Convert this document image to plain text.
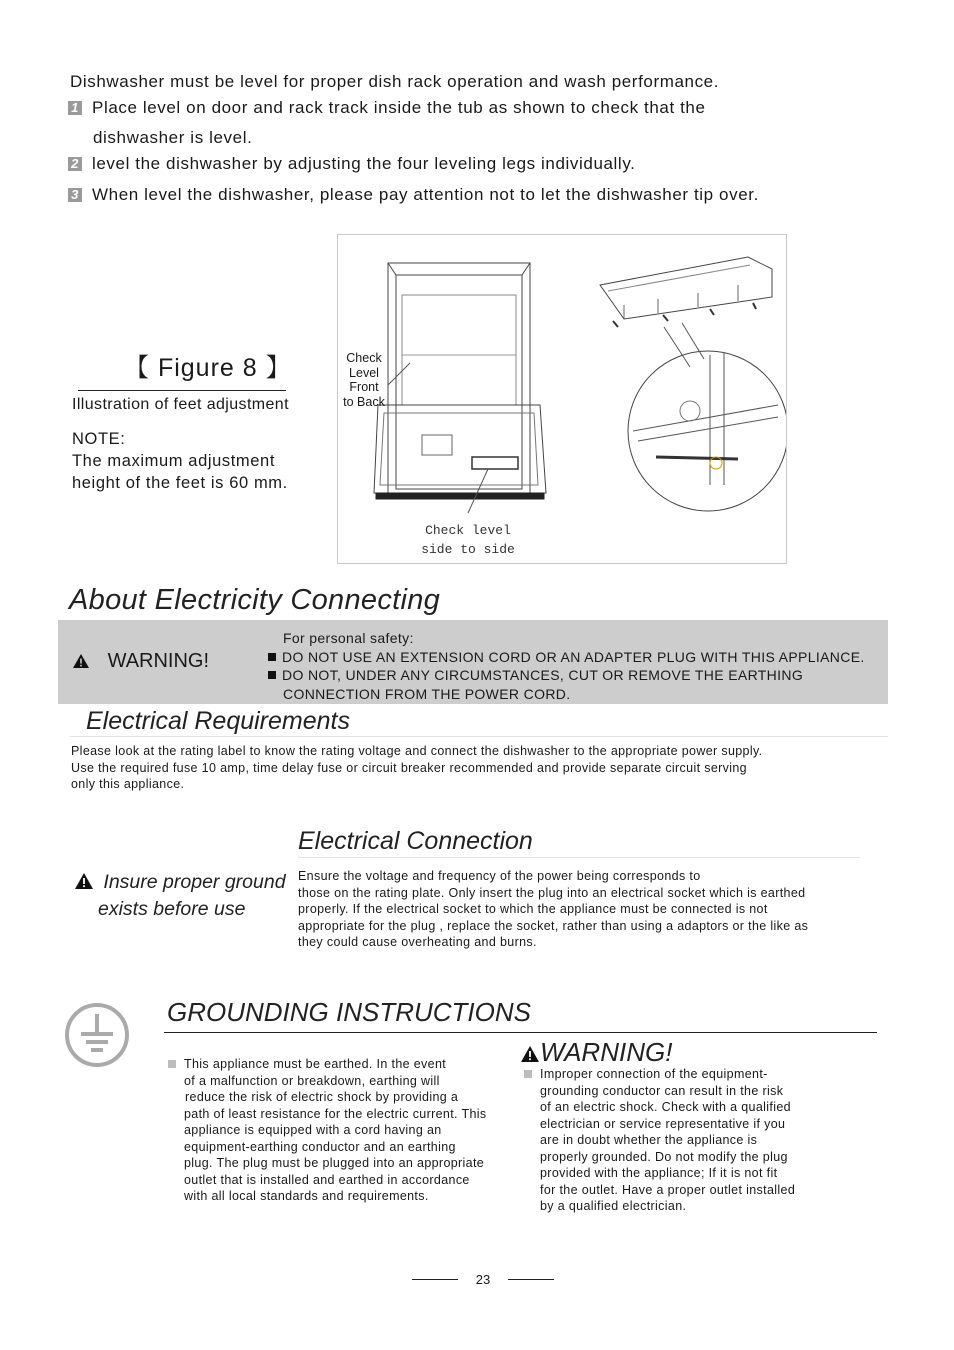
Dishwasher must be level for proper dish rack operation and wash performance.
1 Place level on door and rack track inside the tub as shown to check that the
dishwasher is level.
2 level the dishwasher by adjusting the four leveling legs individually.
3 When level the dishwasher, please pay attention not to let the dishwasher tip over.
【 Figure 8 】
Illustration of feet adjustment
NOTE:
The maximum adjustment
height of the feet is 60 mm.
Check
Level
Front
to Back
Check level
side to side
About Electricity Connecting
WARNING!
For personal safety:
DO NOT USE AN EXTENSION CORD OR AN ADAPTER PLUG WITH THIS APPLIANCE.
DO NOT, UNDER ANY CIRCUMSTANCES, CUT OR REMOVE THE EARTHING
CONNECTION FROM THE POWER CORD.
Electrical Requirements
Please look at the rating label to know the rating voltage and connect the dishwasher to the appropriate power supply.
Use the required fuse 10 amp, time delay fuse or circuit breaker recommended and provide separate circuit serving
only this appliance.
Electrical Connection
Insure proper ground
exists before use
Ensure the voltage and frequency of the power being corresponds to
those on the rating plate. Only insert the plug into an electrical socket which is earthed
properly. If the electrical socket to which the appliance must be connected is not
appropriate for the plug , replace the socket, rather than using a adaptors or the like as
they could cause overheating and burns.
GROUNDING INSTRUCTIONS
This appliance must be earthed. In the event
of a malfunction or breakdown, earthing will
reduce the risk of electric shock by providing a
path of least resistance for the electric current. This
appliance is equipped with a cord having an
equipment-earthing conductor and an earthing
plug. The plug must be plugged into an appropriate
outlet that is installed and earthed in accordance
with all local standards and requirements.
WARNING!
Improper connection of the equipment-
grounding conductor can result in the risk
of an electric shock. Check with a qualified
electrician or service representative if you
are in doubt whether the appliance is
properly grounded. Do not modify the plug
provided with the appliance; If it is not fit
for the outlet. Have a proper outlet installed
by a qualified electrician.
23
